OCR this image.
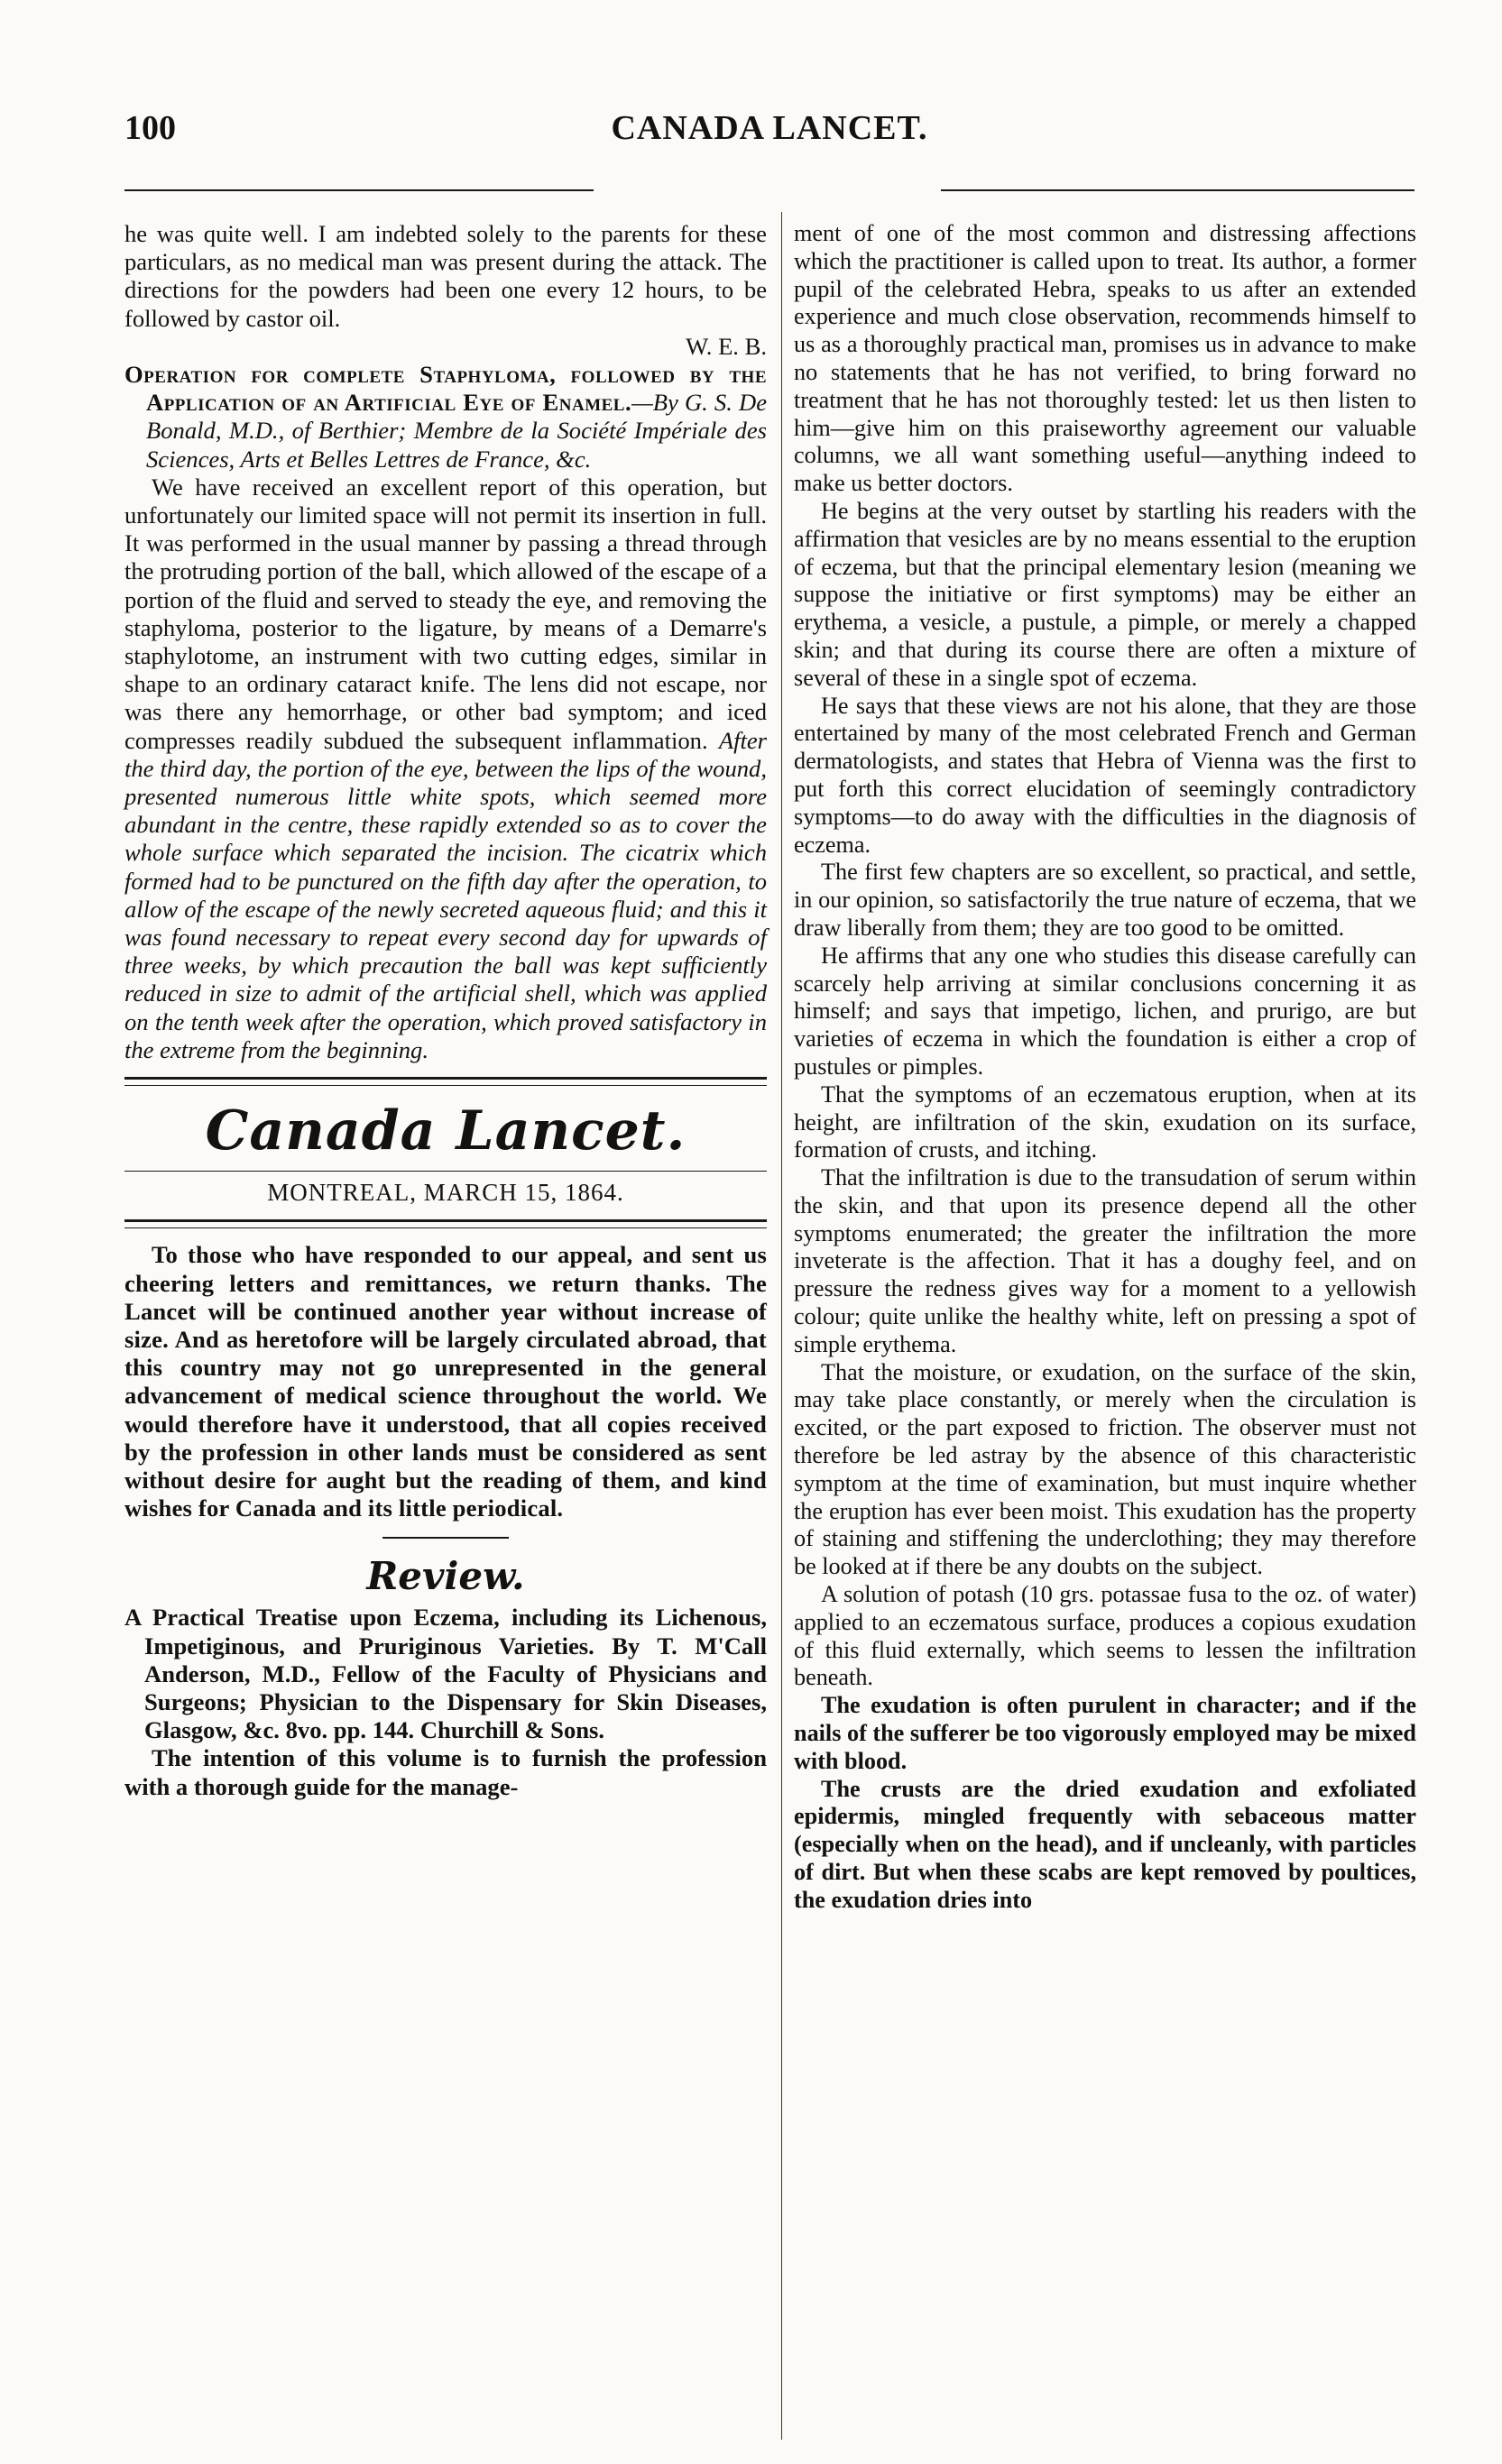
100	CANADA LANCET.

he was quite well. I am indebted solely to the parents for these particulars, as no medical man was present during the attack. The directions for the powders had been one every 12 hours, to be followed by castor oil.

W. E. B.

Operation for complete Staphyloma, followed by the Application of an Artificial Eye of Enamel.—By G. S. De Bonald, M.D., of Berthier; Membre de la Société Impériale des Sciences, Arts et Belles Lettres de France, &c.

We have received an excellent report of this operation, but unfortunately our limited space will not permit its insertion in full. It was performed in the usual manner by passing a thread through the protruding portion of the ball, which allowed of the escape of a portion of the fluid and served to steady the eye, and removing the staphyloma, posterior to the ligature, by means of a Demarre's staphylotome, an instrument with two cutting edges, similar in shape to an ordinary cataract knife. The lens did not escape, nor was there any hemorrhage, or other bad symptom; and iced compresses readily subdued the subsequent inflammation. After the third day, the portion of the eye, between the lips of the wound, presented numerous little white spots, which seemed more abundant in the centre, these rapidly extended so as to cover the whole surface which separated the incision. The cicatrix which formed had to be punctured on the fifth day after the operation, to allow of the escape of the newly secreted aqueous fluid; and this it was found necessary to repeat every second day for upwards of three weeks, by which precaution the ball was kept sufficiently reduced in size to admit of the artificial shell, which was applied on the tenth week after the operation, which proved satisfactory in the extreme from the beginning.

Canada Lancet.
MONTREAL, MARCH 15, 1864.

To those who have responded to our appeal, and sent us cheering letters and remittances, we return thanks. The Lancet will be continued another year without increase of size. And as heretofore will be largely circulated abroad, that this country may not go unrepresented in the general advancement of medical science throughout the world. We would therefore have it understood, that all copies received by the profession in other lands must be considered as sent without desire for aught but the reading of them, and kind wishes for Canada and its little periodical.

Review.

A Practical Treatise upon Eczema, including its Lichenous, Impetiginous, and Pruriginous Varieties. By T. M'Call Anderson, M.D., Fellow of the Faculty of Physicians and Surgeons; Physician to the Dispensary for Skin Diseases, Glasgow, &c. 8vo. pp. 144. Churchill & Sons.

The intention of this volume is to furnish the profession with a thorough guide for the manage-

ment of one of the most common and distressing affections which the practitioner is called upon to treat. Its author, a former pupil of the celebrated Hebra, speaks to us after an extended experience and much close observation, recommends himself to us as a thoroughly practical man, promises us in advance to make no statements that he has not verified, to bring forward no treatment that he has not thoroughly tested: let us then listen to him—give him on this praiseworthy agreement our valuable columns, we all want something useful—anything indeed to make us better doctors.

He begins at the very outset by startling his readers with the affirmation that vesicles are by no means essential to the eruption of eczema, but that the principal elementary lesion (meaning we suppose the initiative or first symptoms) may be either an erythema, a vesicle, a pustule, a pimple, or merely a chapped skin; and that during its course there are often a mixture of several of these in a single spot of eczema.

He says that these views are not his alone, that they are those entertained by many of the most celebrated French and German dermatologists, and states that Hebra of Vienna was the first to put forth this correct elucidation of seemingly contradictory symptoms—to do away with the difficulties in the diagnosis of eczema.

The first few chapters are so excellent, so practical, and settle, in our opinion, so satisfactorily the true nature of eczema, that we draw liberally from them; they are too good to be omitted.

He affirms that any one who studies this disease carefully can scarcely help arriving at similar conclusions concerning it as himself; and says that impetigo, lichen, and prurigo, are but varieties of eczema in which the foundation is either a crop of pustules or pimples.

That the symptoms of an eczematous eruption, when at its height, are infiltration of the skin, exudation on its surface, formation of crusts, and itching.

That the infiltration is due to the transudation of serum within the skin, and that upon its presence depend all the other symptoms enumerated; the greater the infiltration the more inveterate is the affection. That it has a doughy feel, and on pressure the redness gives way for a moment to a yellowish colour; quite unlike the healthy white, left on pressing a spot of simple erythema.

That the moisture, or exudation, on the surface of the skin, may take place constantly, or merely when the circulation is excited, or the part exposed to friction. The observer must not therefore be led astray by the absence of this characteristic symptom at the time of examination, but must inquire whether the eruption has ever been moist. This exudation has the property of staining and stiffening the underclothing; they may therefore be looked at if there be any doubts on the subject.

A solution of potash (10 grs. potassae fusa to the oz. of water) applied to an eczematous surface, produces a copious exudation of this fluid externally, which seems to lessen the infiltration beneath.

The exudation is often purulent in character; and if the nails of the sufferer be too vigorously employed may be mixed with blood.

The crusts are the dried exudation and exfoliated epidermis, mingled frequently with sebaceous matter (especially when on the head), and if uncleanly, with particles of dirt. But when these scabs are kept removed by poultices, the exudation dries into
